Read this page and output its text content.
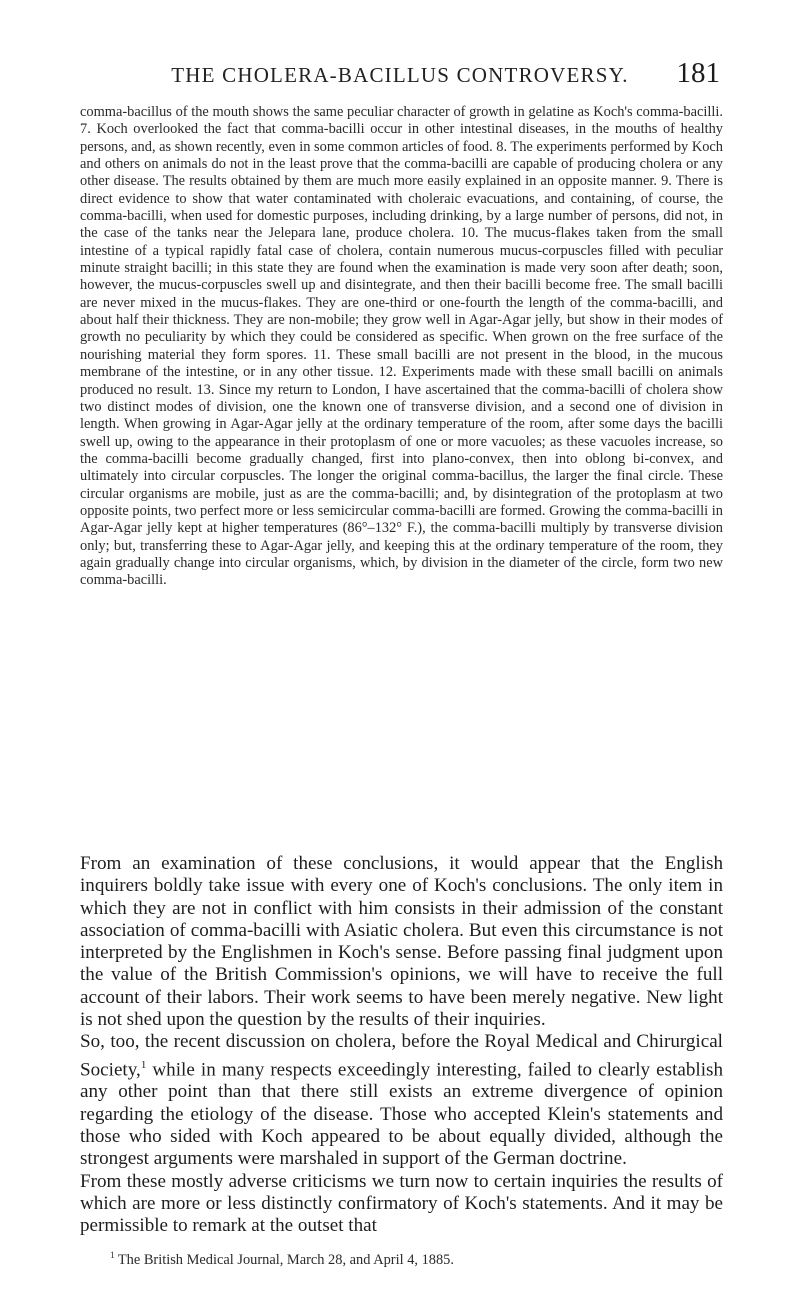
THE CHOLERA-BACILLUS CONTROVERSY.	181

comma-bacillus of the mouth shows the same peculiar character of growth in gelatine as Koch's comma-bacilli. 7. Koch overlooked the fact that comma-bacilli occur in other intestinal diseases, in the mouths of healthy persons, and, as shown recently, even in some common articles of food. 8. The experiments performed by Koch and others on animals do not in the least prove that the comma-bacilli are capable of producing cholera or any other disease. The results obtained by them are much more easily explained in an opposite manner. 9. There is direct evidence to show that water contaminated with choleraic evacuations, and containing, of course, the comma-bacilli, when used for domestic purposes, including drinking, by a large number of persons, did not, in the case of the tanks near the Jelepara lane, produce cholera. 10. The mucus-flakes taken from the small intestine of a typical rapidly fatal case of cholera, contain numerous mucus-corpuscles filled with peculiar minute straight bacilli; in this state they are found when the examination is made very soon after death; soon, however, the mucus-corpuscles swell up and disintegrate, and then their bacilli become free. The small bacilli are never mixed in the mucus-flakes. They are one-third or one-fourth the length of the comma-bacilli, and about half their thickness. They are non-mobile; they grow well in Agar-Agar jelly, but show in their modes of growth no peculiarity by which they could be considered as specific. When grown on the free surface of the nourishing material they form spores. 11. These small bacilli are not present in the blood, in the mucous membrane of the intestine, or in any other tissue. 12. Experiments made with these small bacilli on animals produced no result. 13. Since my return to London, I have ascertained that the comma-bacilli of cholera show two distinct modes of division, one the known one of transverse division, and a second one of division in length. When growing in Agar-Agar jelly at the ordinary temperature of the room, after some days the bacilli swell up, owing to the appearance in their protoplasm of one or more vacuoles; as these vacuoles increase, so the comma-bacilli become gradually changed, first into plano-convex, then into oblong bi-convex, and ultimately into circular corpuscles. The longer the original comma-bacillus, the larger the final circle. These circular organisms are mobile, just as are the comma-bacilli; and, by disintegration of the protoplasm at two opposite points, two perfect more or less semicircular comma-bacilli are formed. Growing the comma-bacilli in Agar-Agar jelly kept at higher temperatures (86°–132° F.), the comma-bacilli multiply by transverse division only; but, transferring these to Agar-Agar jelly, and keeping this at the ordinary temperature of the room, they again gradually change into circular organisms, which, by division in the diameter of the circle, form two new comma-bacilli.

From an examination of these conclusions, it would appear that the English inquirers boldly take issue with every one of Koch's conclusions. The only item in which they are not in conflict with him consists in their admission of the constant association of comma-bacilli with Asiatic cholera. But even this circumstance is not interpreted by the Englishmen in Koch's sense. Before passing final judgment upon the value of the British Commission's opinions, we will have to receive the full account of their labors. Their work seems to have been merely negative. New light is not shed upon the question by the results of their inquiries.

So, too, the recent discussion on cholera, before the Royal Medical and Chirurgical Society,$^1$ while in many respects exceedingly interesting, failed to clearly establish any other point than that there still exists an extreme divergence of opinion regarding the etiology of the disease. Those who accepted Klein's statements and those who sided with Koch appeared to be about equally divided, although the strongest arguments were marshaled in support of the German doctrine.

From these mostly adverse criticisms we turn now to certain inquiries the results of which are more or less distinctly confirmatory of Koch's statements. And it may be permissible to remark at the outset that

$^1$ The British Medical Journal, March 28, and April 4, 1885.
